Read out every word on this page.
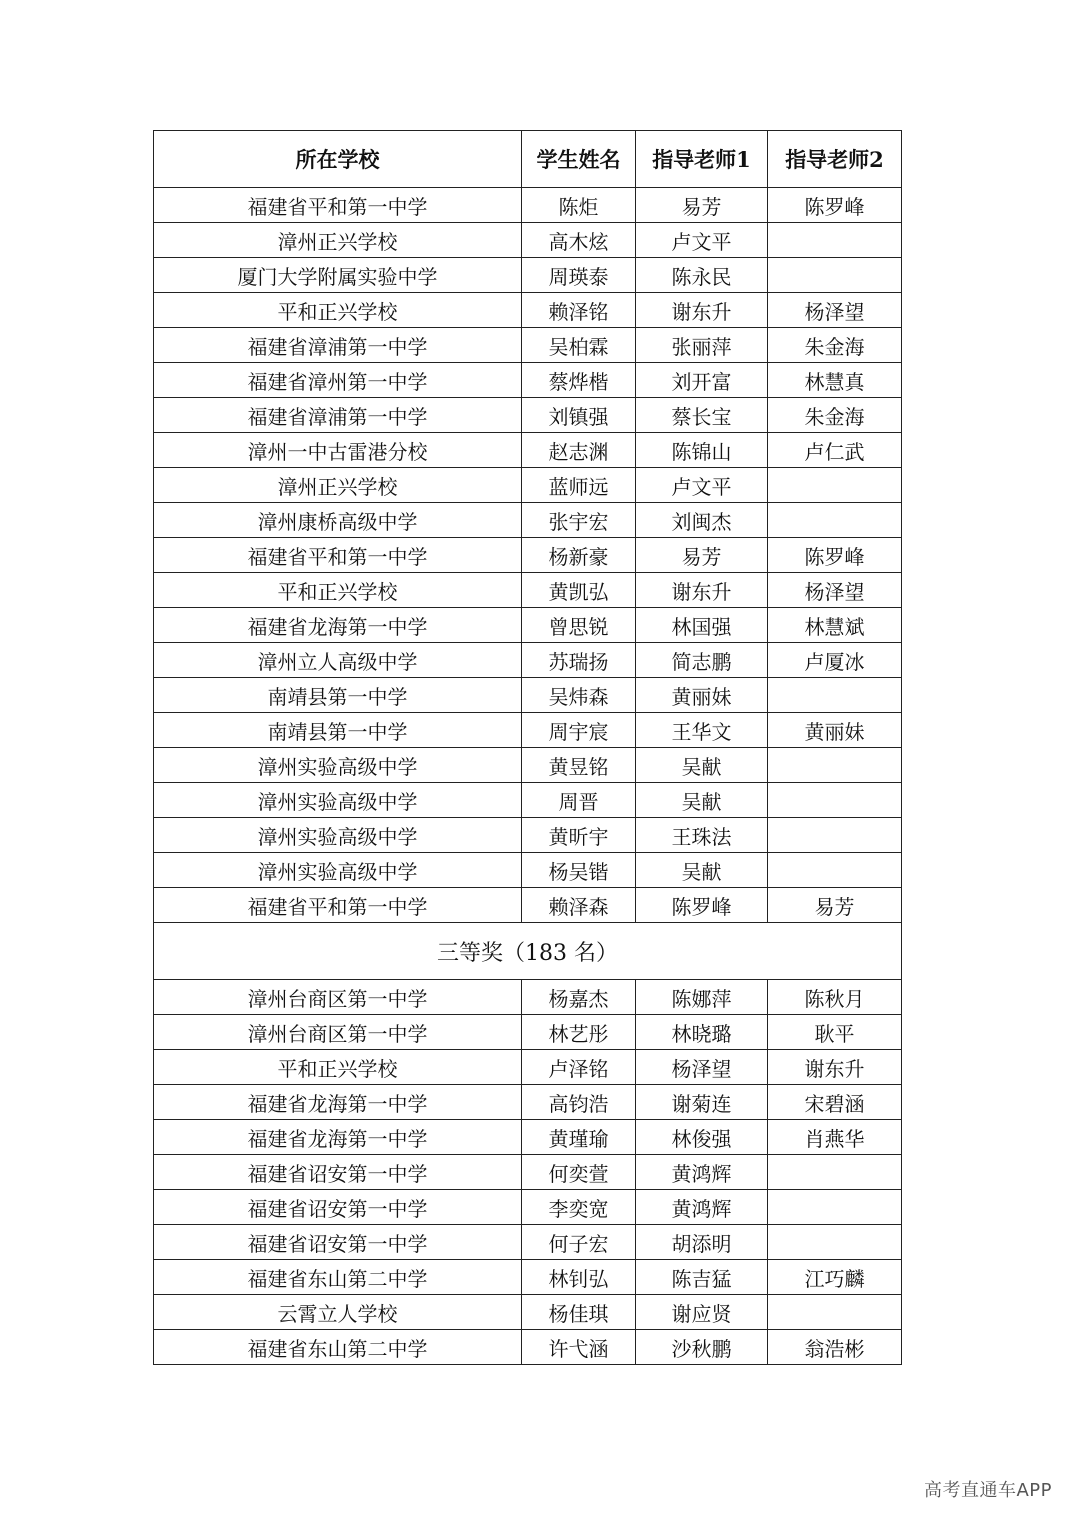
所在学校	学生姓名	指导老师1	指导老师2
福建省平和第一中学	陈炬	易芳	陈罗峰
漳州正兴学校	高木炫	卢文平	
厦门大学附属实验中学	周瑛泰	陈永民	
平和正兴学校	赖泽铭	谢东升	杨泽望
福建省漳浦第一中学	吴柏霖	张丽萍	朱金海
福建省漳州第一中学	蔡烨楷	刘开富	林慧真
福建省漳浦第一中学	刘镇强	蔡长宝	朱金海
漳州一中古雷港分校	赵志渊	陈锦山	卢仁武
漳州正兴学校	蓝师远	卢文平	
漳州康桥高级中学	张宇宏	刘闽杰	
福建省平和第一中学	杨新豪	易芳	陈罗峰
平和正兴学校	黄凯弘	谢东升	杨泽望
福建省龙海第一中学	曾思锐	林国强	林慧斌
漳州立人高级中学	苏瑞扬	简志鹏	卢厦冰
南靖县第一中学	吴炜森	黄丽妹	
南靖县第一中学	周宇宸	王华文	黄丽妹
漳州实验高级中学	黄昱铭	吴献	
漳州实验高级中学	周晋	吴献	
漳州实验高级中学	黄昕宇	王珠法	
漳州实验高级中学	杨吴锴	吴献	
福建省平和第一中学	赖泽森	陈罗峰	易芳
三等奖（183 名）			
漳州台商区第一中学	杨嘉杰	陈娜萍	陈秋月
漳州台商区第一中学	林艺彤	林晓璐	耿平
平和正兴学校	卢泽铭	杨泽望	谢东升
福建省龙海第一中学	高钧浩	谢菊连	宋碧涵
福建省龙海第一中学	黄瑾瑜	林俊强	肖燕华
福建省诏安第一中学	何奕萱	黄鸿辉	
福建省诏安第一中学	李奕宽	黄鸿辉	
福建省诏安第一中学	何子宏	胡添明	
福建省东山第二中学	林钊弘	陈吉猛	江巧麟
云霄立人学校	杨佳琪	谢应贤	
福建省东山第二中学	许弋涵	沙秋鹏	翁浩彬
高考直通车APP
